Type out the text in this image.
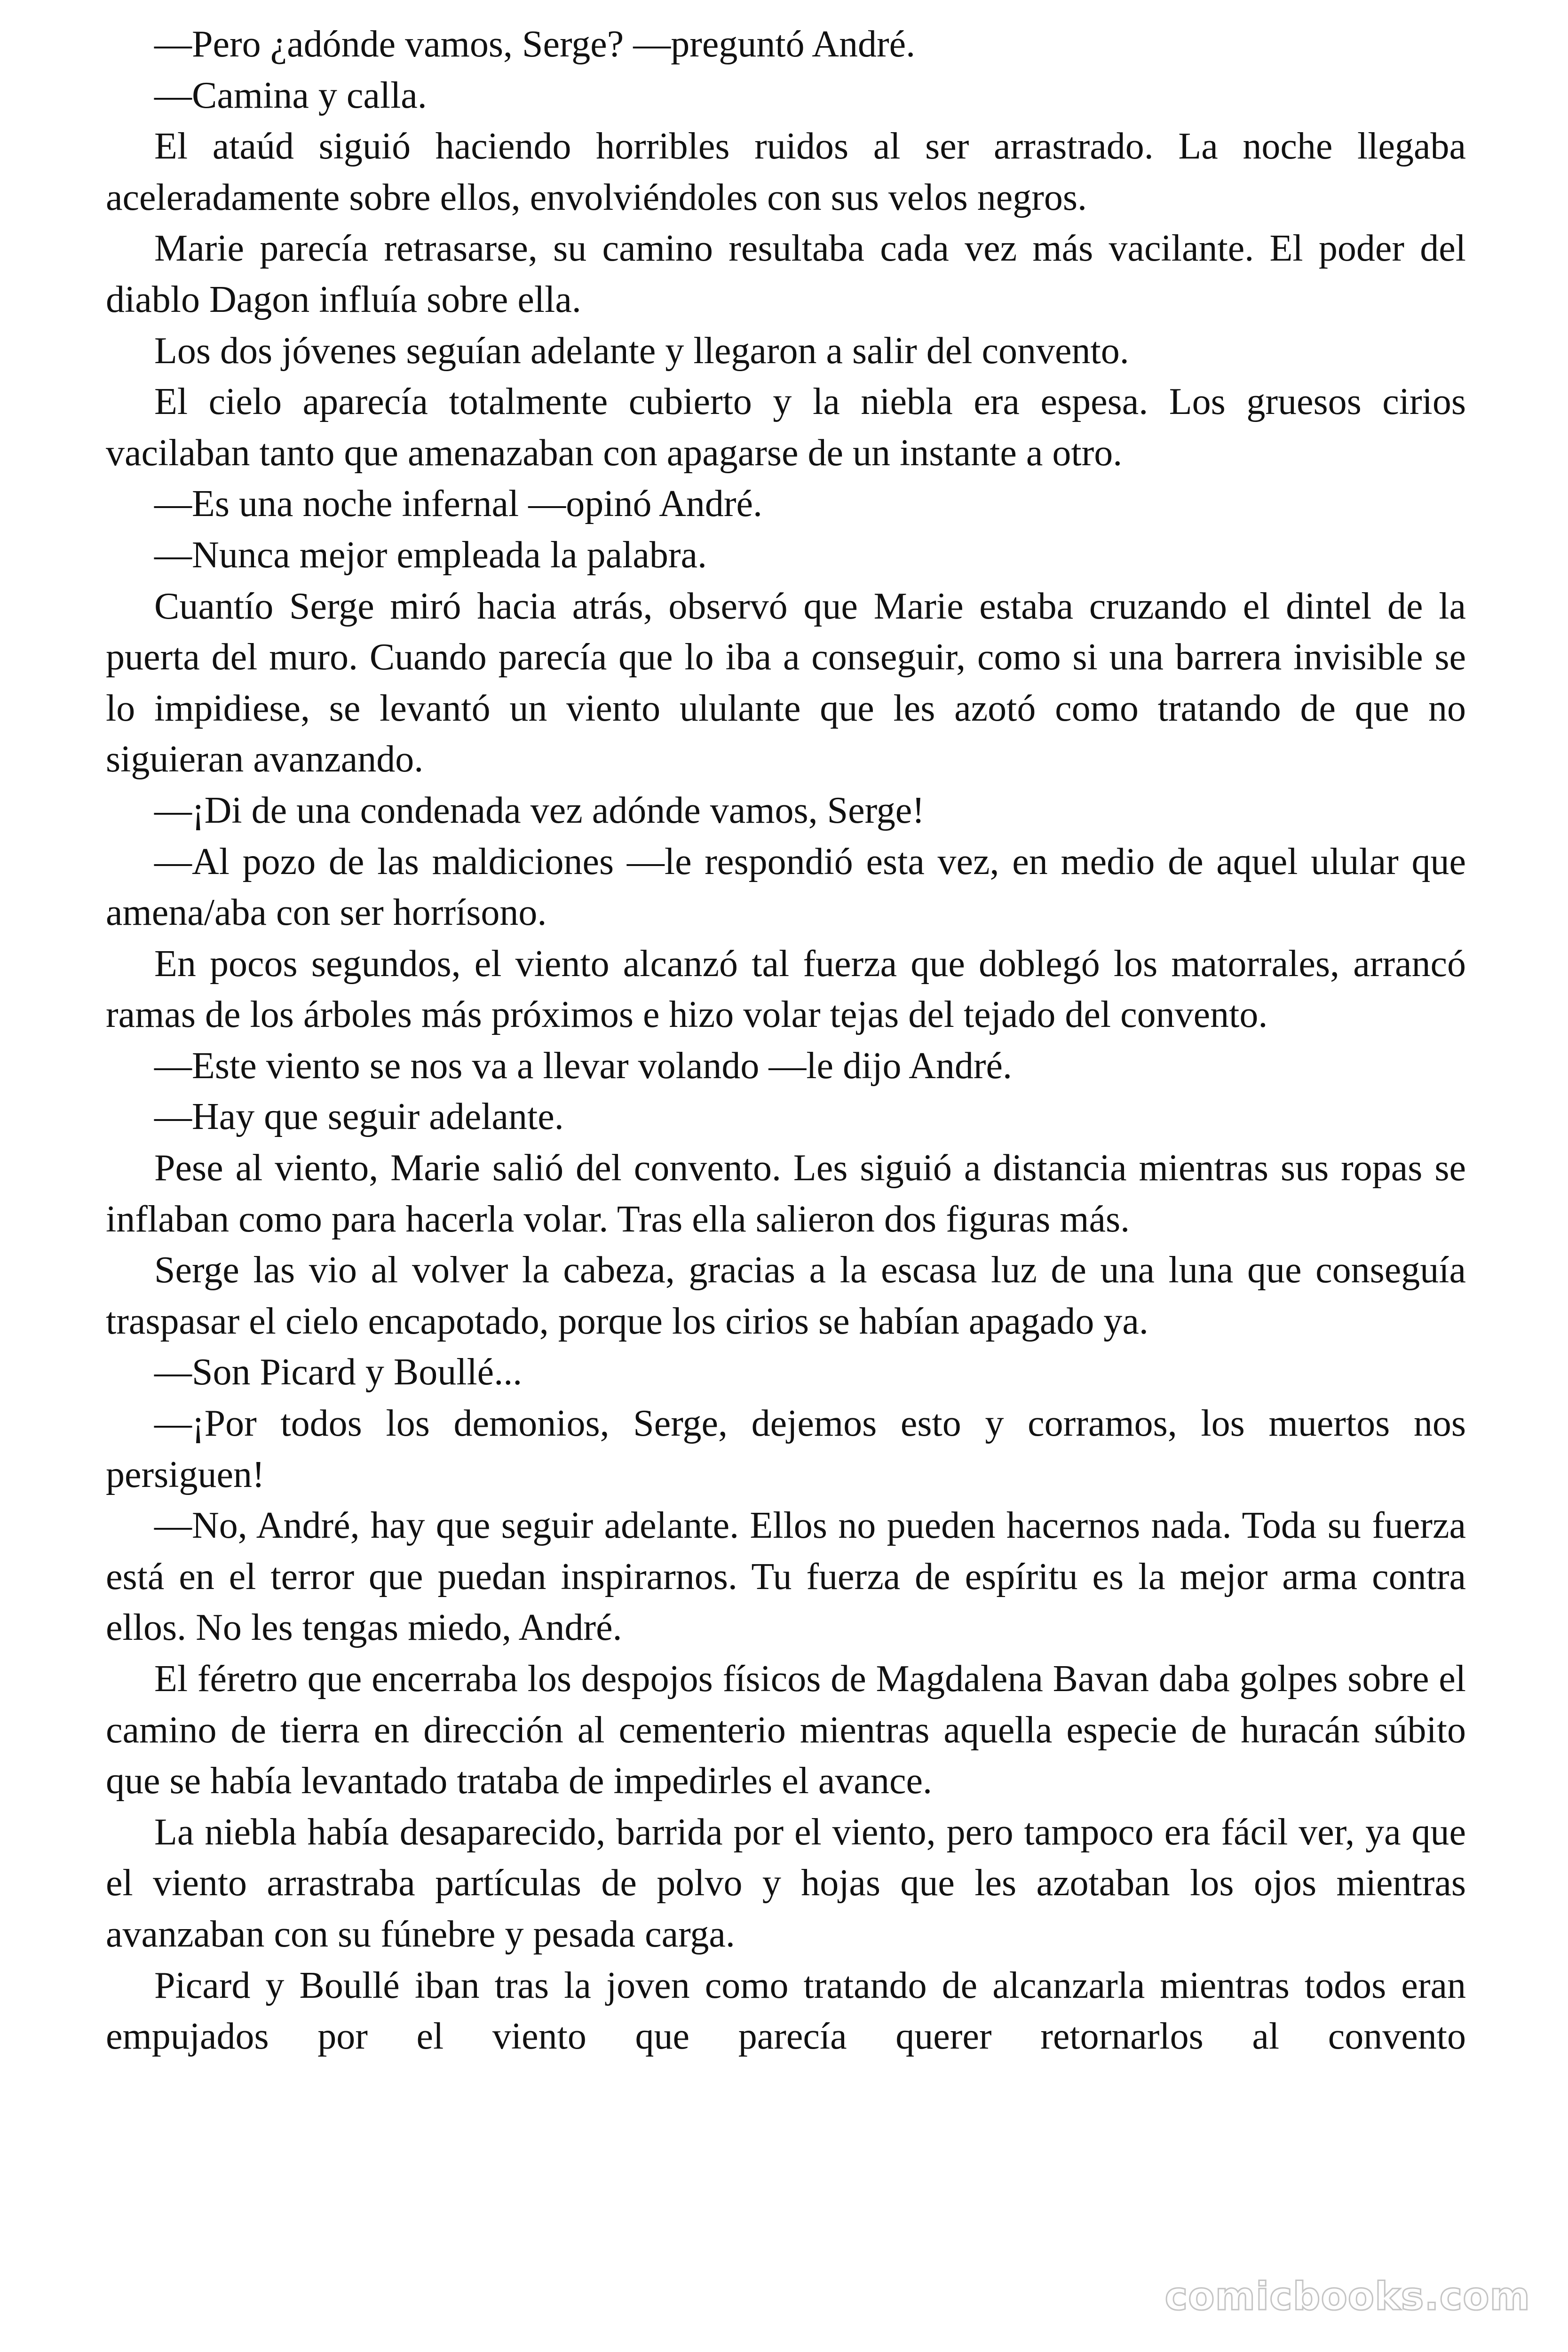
—Pero ¿adónde vamos, Serge? —preguntó André.

—Camina y calla.

El ataúd siguió haciendo horribles ruidos al ser arrastrado. La noche llegaba aceleradamente sobre ellos, envolviéndoles con sus velos negros.

Marie parecía retrasarse, su camino resultaba cada vez más vacilante. El poder del diablo Dagon influía sobre ella.

Los dos jóvenes seguían adelante y llegaron a salir del convento.

El cielo aparecía totalmente cubierto y la niebla era espesa. Los gruesos cirios vacilaban tanto que amenazaban con apagarse de un instante a otro.

—Es una noche infernal —opinó André.

—Nunca mejor empleada la palabra.

Cuantío Serge miró hacia atrás, observó que Marie estaba cruzando el dintel de la puerta del muro. Cuando parecía que lo iba a conseguir, como si una barrera invisible se lo impidiese, se levantó un viento ululante que les azotó como tratando de que no siguieran avanzando.

—¡Di de una condenada vez adónde vamos, Serge!

—Al pozo de las maldiciones —le respondió esta vez, en medio de aquel ulular que amena/aba con ser horrísono.

En pocos segundos, el viento alcanzó tal fuerza que doblegó los matorrales, arrancó ramas de los árboles más próximos e hizo volar tejas del tejado del convento.

—Este viento se nos va a llevar volando —le dijo André.

—Hay que seguir adelante.

Pese al viento, Marie salió del convento. Les siguió a distancia mientras sus ropas se inflaban como para hacerla volar. Tras ella salieron dos figuras más.

Serge las vio al volver la cabeza, gracias a la escasa luz de una luna que conseguía traspasar el cielo encapotado, porque los cirios se habían apagado ya.

—Son Picard y Boullé...

—¡Por todos los demonios, Serge, dejemos esto y corramos, los muertos nos persiguen!

—No, André, hay que seguir adelante. Ellos no pueden hacernos nada. Toda su fuerza está en el terror que puedan inspirarnos. Tu fuerza de espíritu es la mejor arma contra ellos. No les tengas miedo, André.

El féretro que encerraba los despojos físicos de Magdalena Bavan daba golpes sobre el camino de tierra en dirección al cementerio mientras aquella especie de huracán súbito que se había levantado trataba de impedirles el avance.

La niebla había desaparecido, barrida por el viento, pero tampoco era fácil ver, ya que el viento arrastraba partículas de polvo y hojas que les azotaban los ojos mientras avanzaban con su fúnebre y pesada carga.

Picard y Boullé iban tras la joven como tratando de alcanzarla mientras todos eran empujados por el viento que parecía querer retornarlos al convento

comicbooks.com
